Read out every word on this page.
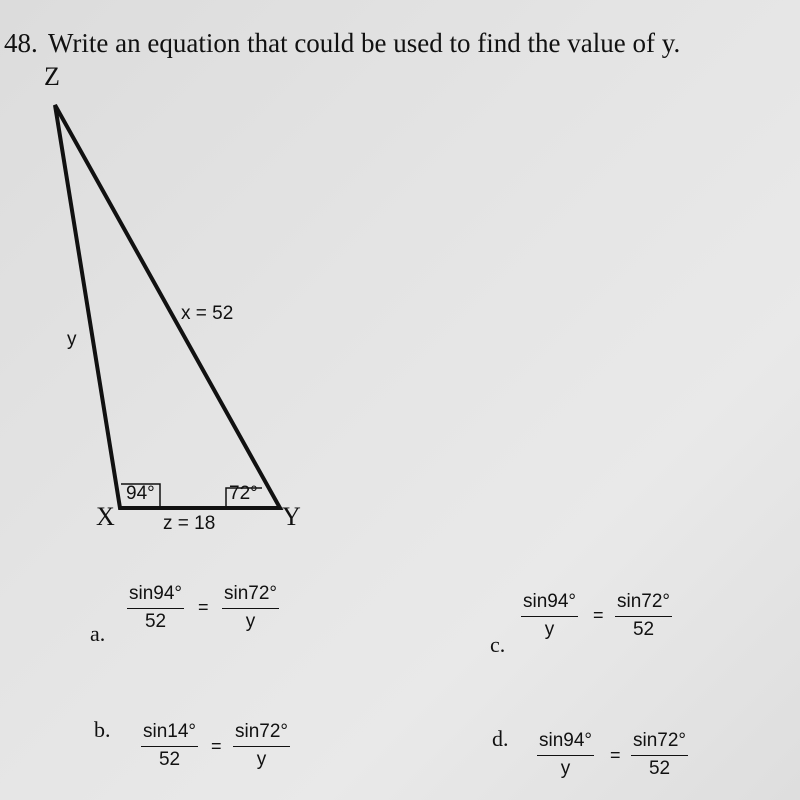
48. Write an equation that could be used to find the value of y.
Z
X	Y
x = 52
y
z = 18
94°	72°
a.
$\frac{\sin 94^\circ}{52} = \frac{\sin 72^\circ}{y}$
b. $\frac{\sin 14^\circ}{52} = \frac{\sin 72^\circ}{y}$
c.
$\frac{\sin 94^\circ}{y} = \frac{\sin 72^\circ}{52}$
d. $\frac{\sin 94^\circ}{y} = \frac{\sin 72^\circ}{52}$
